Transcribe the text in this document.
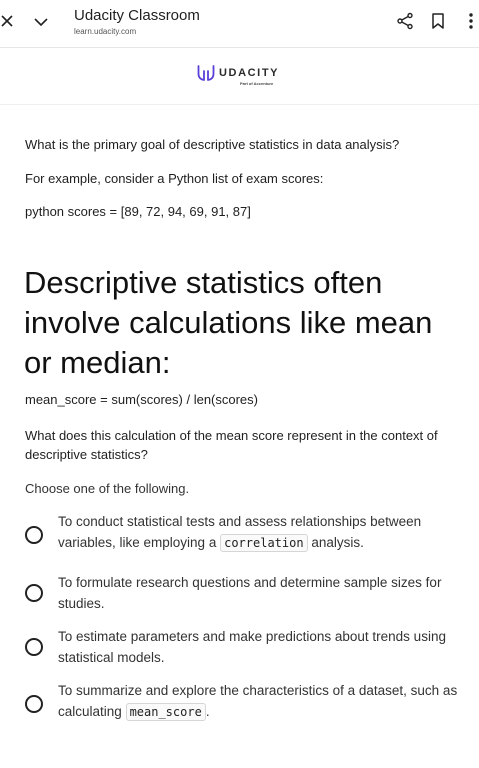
Udacity Classroom
learn.udacity.com
UDACITY
Part of Accenture
What is the primary goal of descriptive statistics in data analysis?
For example, consider a Python list of exam scores:
python scores = [89, 72, 94, 69, 91, 87]
Descriptive statistics often involve calculations like mean or median:
mean_score = sum(scores) / len(scores)
What does this calculation of the mean score represent in the context of descriptive statistics?
Choose one of the following.
To conduct statistical tests and assess relationships between variables, like employing a correlation analysis.
To formulate research questions and determine sample sizes for studies.
To estimate parameters and make predictions about trends using statistical models.
To summarize and explore the characteristics of a dataset, such as calculating mean_score .
